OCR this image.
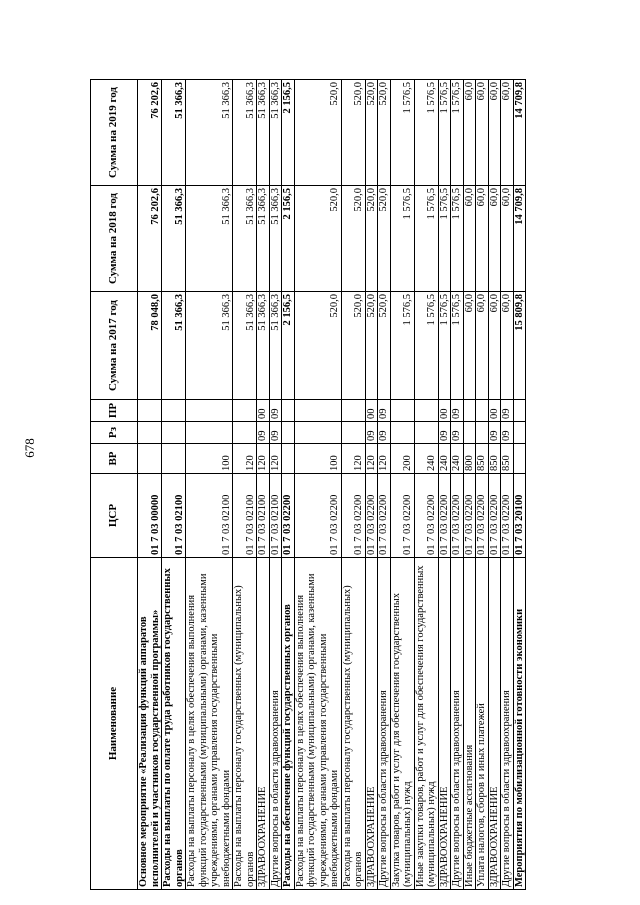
678
Наименование	ЦСР	ВР	Рз	ПР	Сумма на 2017 год	Сумма на 2018 год	Сумма на 2019 год
Основное мероприятие «Реализация функций аппаратов исполнителей и участников государственной программы»	01 7 03 00000				78 048,0	76 202,6	76 202,6
Расходы на выплаты по оплате труда работников государственных органов	01 7 03 02100				51 366,3	51 366,3	51 366,3
Расходы на выплаты персоналу в целях обеспечения выполнения функций государственными (муниципальными) органами, казенными учреждениями, органами управления государственными внебюджетными фондами	01 7 03 02100	100			51 366,3	51 366,3	51 366,3
Расходы на выплаты персоналу государственных (муниципальных) органов	01 7 03 02100	120			51 366,3	51 366,3	51 366,3
ЗДРАВООХРАНЕНИЕ	01 7 03 02100	120	09	00	51 366,3	51 366,3	51 366,3
Другие вопросы в области здравоохранения	01 7 03 02100	120	09	09	51 366,3	51 366,3	51 366,3
Расходы на обеспечение функций государственных органов	01 7 03 02200				2 156,5	2 156,5	2 156,5
Расходы на выплаты персоналу в целях обеспечения выполнения функций государственными (муниципальными) органами, казенными учреждениями, органами управления государственными внебюджетными фондами	01 7 03 02200	100			520,0	520,0	520,0
Расходы на выплаты персоналу государственных (муниципальных) органов	01 7 03 02200	120			520,0	520,0	520,0
ЗДРАВООХРАНЕНИЕ	01 7 03 02200	120	09	00	520,0	520,0	520,0
Другие вопросы в области здравоохранения	01 7 03 02200	120	09	09	520,0	520,0	520,0
Закупка товаров, работ и услуг для обеспечения государственных (муниципальных) нужд	01 7 03 02200	200			1 576,5	1 576,5	1 576,5
Иные закупки товаров, работ и услуг для обеспечения государственных (муниципальных) нужд	01 7 03 02200	240			1 576,5	1 576,5	1 576,5
ЗДРАВООХРАНЕНИЕ	01 7 03 02200	240	09	00	1 576,5	1 576,5	1 576,5
Другие вопросы в области здравоохранения	01 7 03 02200	240	09	09	1 576,5	1 576,5	1 576,5
Иные бюджетные ассигнования	01 7 03 02200	800			60,0	60,0	60,0
Уплата налогов, сборов и иных платежей	01 7 03 02200	850			60,0	60,0	60,0
ЗДРАВООХРАНЕНИЕ	01 7 03 02200	850	09	00	60,0	60,0	60,0
Другие вопросы в области здравоохранения	01 7 03 02200	850	09	09	60,0	60,0	60,0
Мероприятия по мобилизационной готовности экономики	01 7 03 20100				15 809,8	14 709,8	14 709,8
